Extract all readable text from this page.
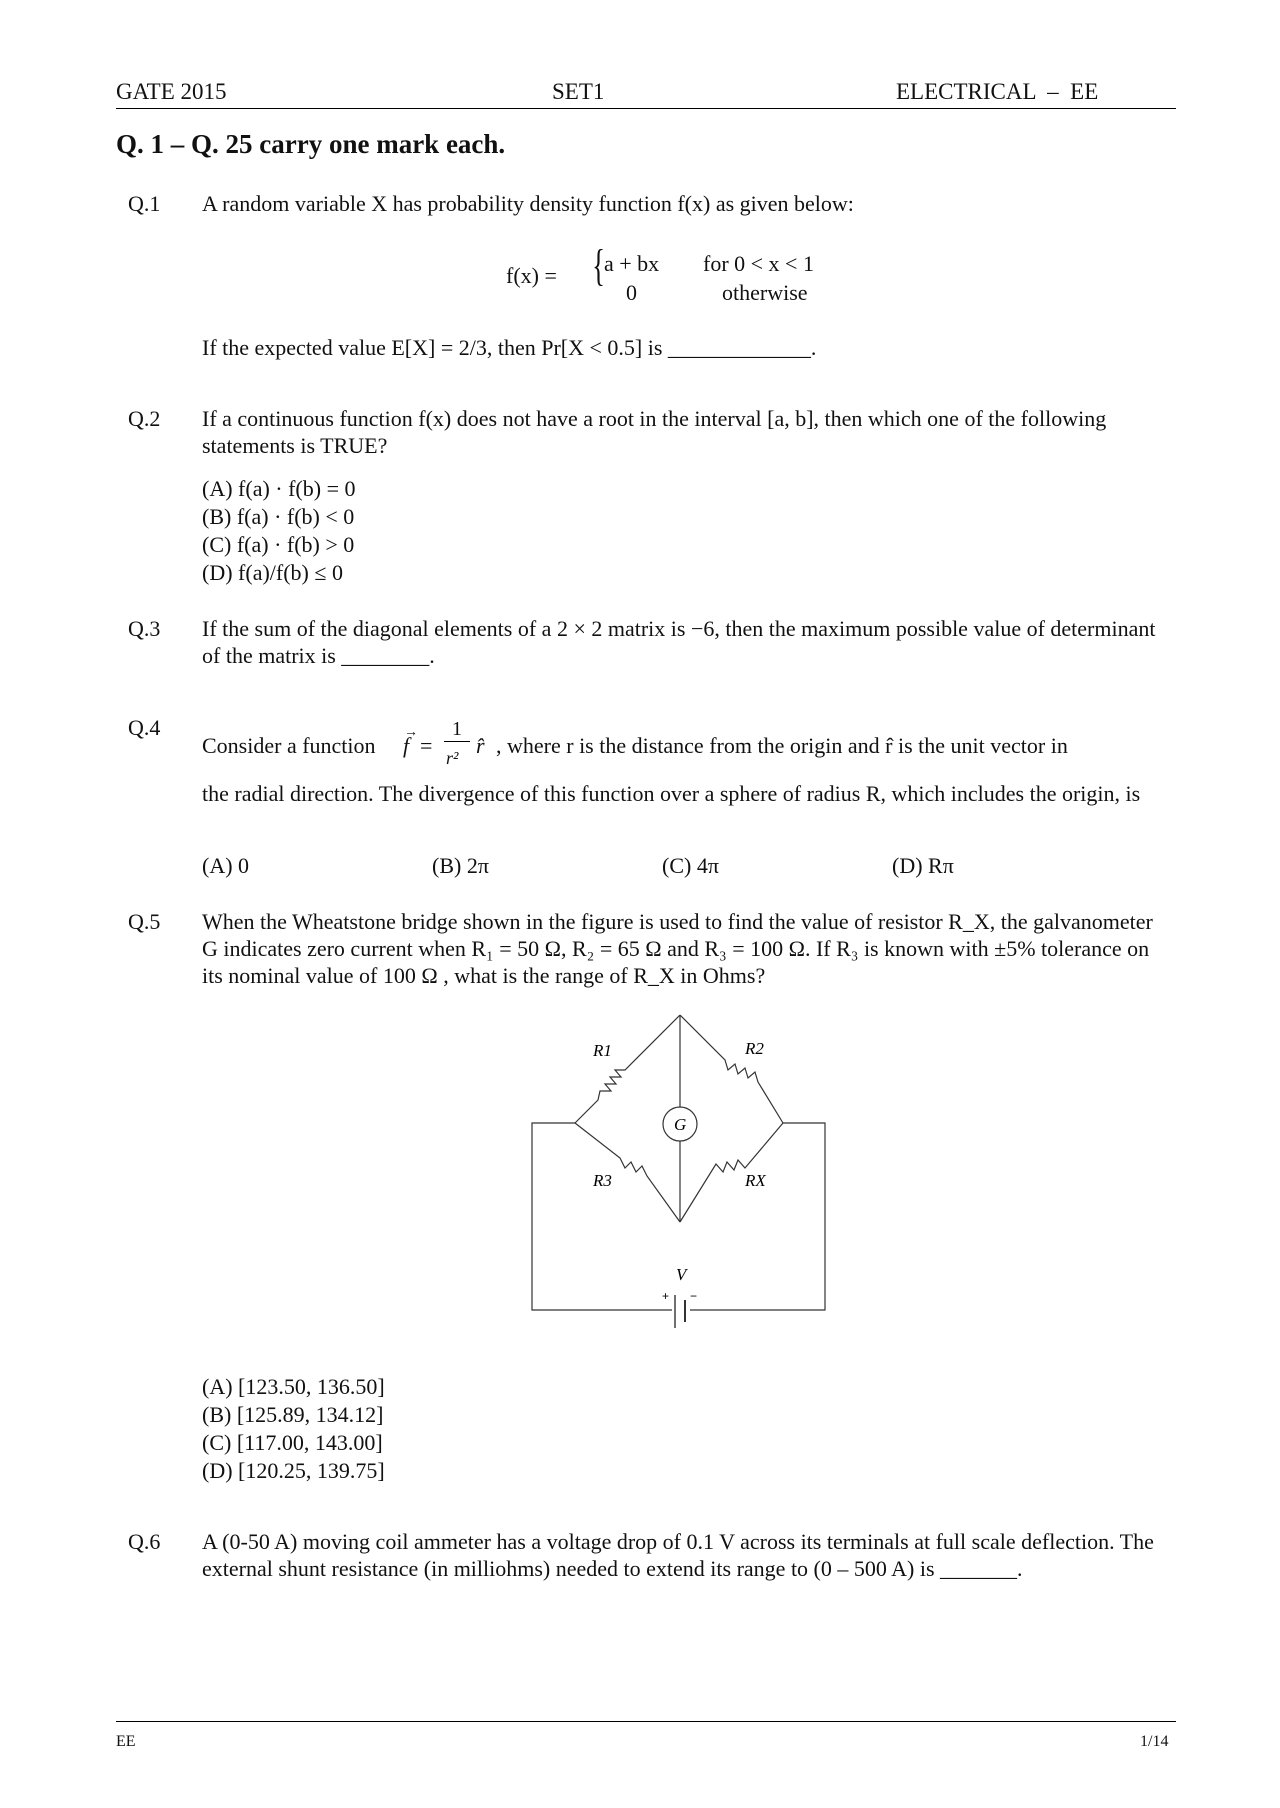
GATE 2015	SET1	ELECTRICAL  –  EE
Q. 1 – Q. 25 carry one mark each.
Q.1 A random variable X has probability density function f(x) as given below:
f(x) = { a + bx for 0 < x < 1
0	otherwise
If the expected value E[X] = 2/3, then Pr[X < 0.5] is _____________.
Q.2 If a continuous function f(x) does not have a root in the interval [a, b], then which one of the following statements is TRUE?
(A) f(a) · f(b) = 0
(B) f(a) · f(b) < 0
(C) f(a) · f(b) > 0
(D) f(a)/f(b) ≤ 0
Q.3 If the sum of the diagonal elements of a 2 × 2 matrix is −6, then the maximum possible value of determinant of the matrix is ________.
Q.4
Consider a function f
→
=
1
r² r̂ , where r is the distance from the origin and r̂ is the unit vector in
the radial direction. The divergence of this function over a sphere of radius R, which includes the origin, is
(A) 0	(B) 2π	(C) 4π	(D) Rπ
Q.5 When the Wheatstone bridge shown in the figure is used to find the value of resistor R_X, the galvanometer G indicates zero current when R₁ = 50 Ω, R₂ = 65 Ω and R₃ = 100 Ω. If R₃ is known with ±5% tolerance on its nominal value of 100 Ω , what is the range of R_X in Ohms?
R1	R2
R3	RX
G
V
+ −
(A) [123.50, 136.50]
(B) [125.89, 134.12]
(C) [117.00, 143.00]
(D) [120.25, 139.75]
Q.6 A (0-50 A) moving coil ammeter has a voltage drop of 0.1 V across its terminals at full scale deflection. The external shunt resistance (in milliohms) needed to extend its range to (0 – 500 A) is _______.
EE	1/14
